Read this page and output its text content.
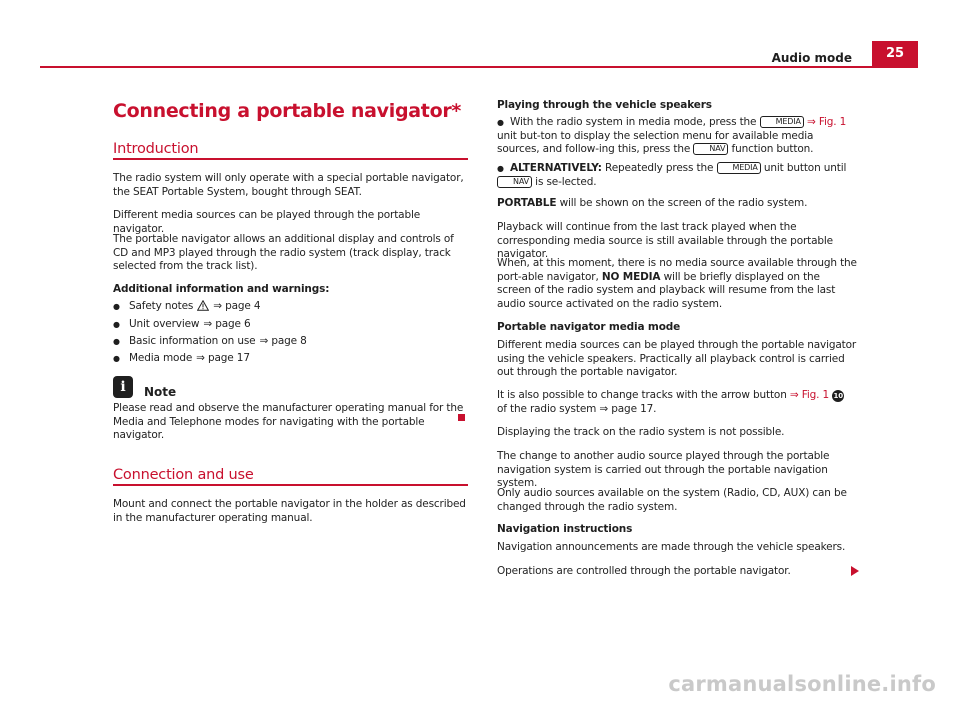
Audio mode	25
Connecting a portable navigator*
Introduction
The radio system will only operate with a special portable navigator, the SEAT Portable System, bought through SEAT.
Different media sources can be played through the portable navigator.
The portable navigator allows an additional display and controls of CD and MP3 played through the radio system (track display, track selected from the track list).
Additional information and warnings:
● Safety notes ⇒ page 4
● Unit overview ⇒ page 6
● Basic information on use ⇒ page 8
● Media mode ⇒ page 17
i	Note
Please read and observe the manufacturer operating manual for the Media and Telephone modes for navigating with the portable navigator.
Connection and use
Mount and connect the portable navigator in the holder as described in the manufacturer operating manual.
Playing through the vehicle speakers
● With the radio system in media mode, press the MEDIA ⇒ Fig. 1 unit but-ton to display the selection menu for available media sources, and follow-ing this, press the NAV function button.
● ALTERNATIVELY: Repeatedly press the MEDIA unit button until NAV is se-lected.
PORTABLE will be shown on the screen of the radio system.
Playback will continue from the last track played when the corresponding media source is still available through the portable navigator.
When, at this moment, there is no media source available through the port-able navigator, NO MEDIA will be briefly displayed on the screen of the radio system and playback will resume from the last audio source activated on the radio system.
Portable navigator media mode
Different media sources can be played through the portable navigator using the vehicle speakers. Practically all playback control is carried out through the portable navigator.
It is also possible to change tracks with the arrow button ⇒ Fig. 1 10 of the radio system ⇒ page 17.
Displaying the track on the radio system is not possible.
The change to another audio source played through the portable navigation system is carried out through the portable navigation system.
Only audio sources available on the system (Radio, CD, AUX) can be changed through the radio system.
Navigation instructions
Navigation announcements are made through the vehicle speakers.
Operations are controlled through the portable navigator.
carmanualsonline.info
